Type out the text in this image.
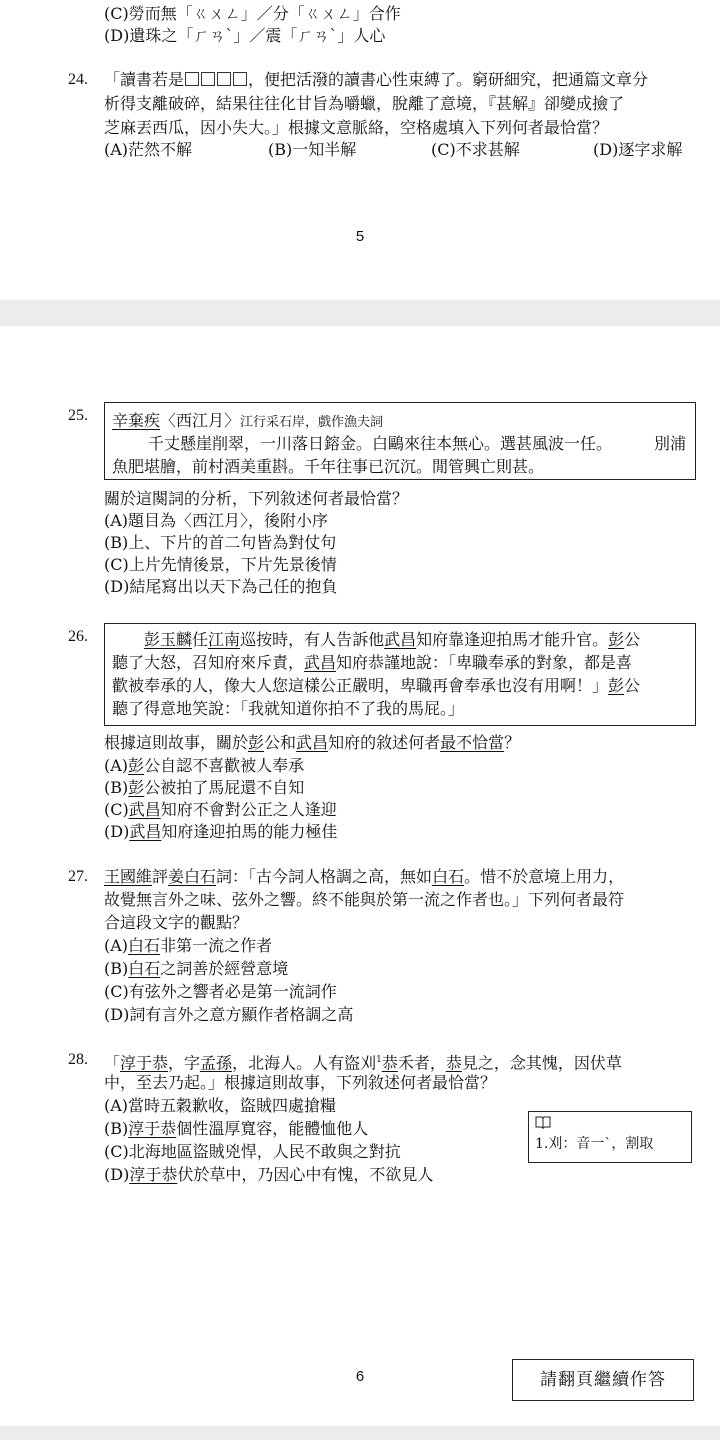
(C)勞而無「ㄍㄨㄥ」／分「ㄍㄨㄥ」合作
(D)遺珠之「ㄏㄢˋ」／震「ㄏㄢˋ」人心
24. 「讀書若是	，便把活潑的讀書心性束縛了。窮研細究，把通篇文章分
析得支離破碎，結果往往化甘旨為嚼蠟，脫離了意境，『甚解』卻變成撿了
芝麻丟西瓜，因小失大。」根據文意脈絡，空格處填入下列何者最恰當？
(A)茫然不解	(B)一知半解	(C)不求甚解	(D)逐字求解
5
25. 辛棄疾〈西江月〉江行采石岸，戲作漁夫詞
千丈懸崖削翠，一川落日鎔金。白鷗來往本無心。選甚風波一任。	別浦
魚肥堪膾，前村酒美重斟。千年往事已沉沉。閒管興亡則甚。
關於這闋詞的分析，下列敘述何者最恰當？
(A)題目為〈西江月〉，後附小序
(B)上、下片的首二句皆為對仗句
(C)上片先情後景，下片先景後情
(D)結尾寫出以天下為己任的抱負
26.
　　	彭玉麟任江南巡按時，有人告訴他武昌知府靠逢迎拍馬才能升官。彭公
聽了大怒，召知府來斥責，武昌知府恭謹地說：「卑職奉承的對象，都是喜
歡被奉承的人，像大人您這樣公正嚴明，卑職再會奉承也沒有用啊！」彭公
聽了得意地笑說：「我就知道你拍不了我的馬屁。」
根據這則故事，關於彭公和武昌知府的敘述何者最不恰當？
(A)彭公自認不喜歡被人奉承
(B)彭公被拍了馬屁還不自知
(C)武昌知府不會對公正之人逢迎
(D)武昌知府逢迎拍馬的能力極佳
27. 王國維評姜白石詞：「古今詞人格調之高，無如白石。惜不於意境上用力，
故覺無言外之味、弦外之響。終不能與於第一流之作者也。」下列何者最符
合這段文字的觀點？
(A)白石非第一流之作者
(B)白石之詞善於經營意境
(C)有弦外之響者必是第一流詞作
(D)詞有言外之意方顯作者格調之高
28. 「淳于恭，字孟孫，北海人。人有盜刈$^1$恭禾者，恭見之，念其愧，因伏草
中，至去乃起。」根據這則故事，下列敘述何者最恰當？
(A)當時五穀歉收，盜賊四處搶糧
(B)淳于恭個性溫厚寬容，能體恤他人
(C)北海地區盜賊兇悍，人民不敢與之對抗
(D)淳于恭伏於草中，乃因心中有愧，不欲見人
1.刈：音一ˋ，割取
6	請翻頁繼續作答
